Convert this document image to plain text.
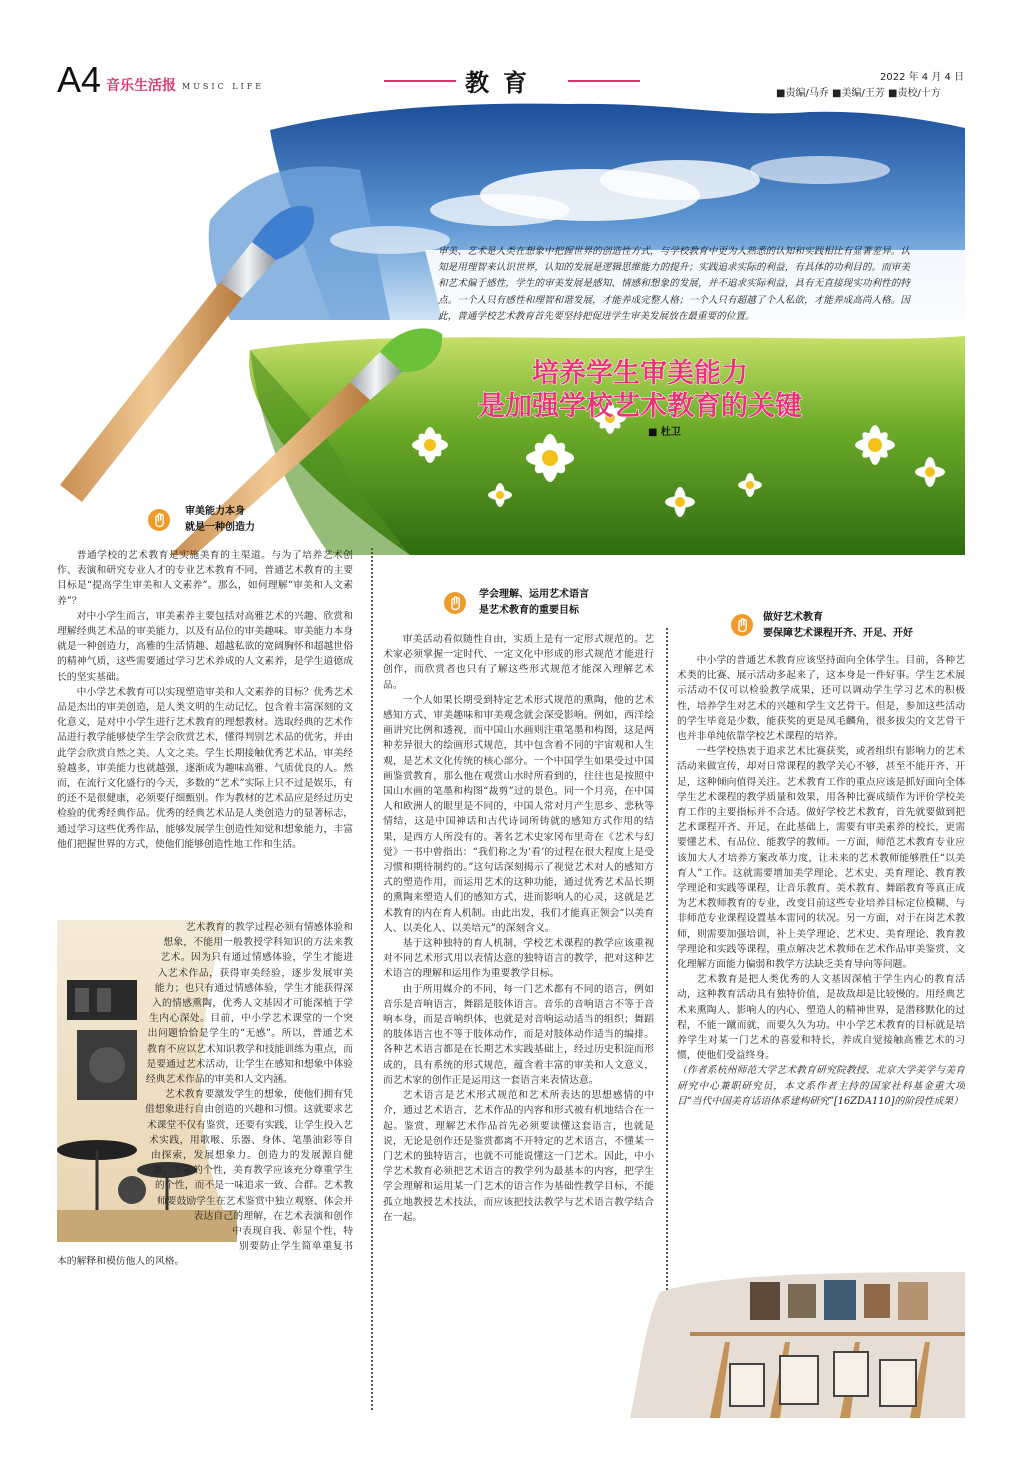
A4 音乐生活报 MUSIC LIFE	教育	2022 年 4 月 4 日
■责编/马乔 ■美编/王芳 ■责校/十方
审美、艺术是人类在想象中把握世界的创造性方式，与学校教育中更为人熟悉的认知和实践相比有显著差异。认知是用理智来认识世界，认知的发展是逻辑思维能力的提升；实践追求实际的利益，有具体的功利目的。而审美和艺术偏于感性，学生的审美发展是感知、情感和想象的发展，并不追求实际利益，具有无直接现实功利性的特点。一个人只有感性和理智和谐发展，才能养成完整人格；一个人只有超越了个人私欲，才能养成高尚人格。因此，普通学校艺术教育首先要坚持把促进学生审美发展放在最重要的位置。
培养学生审美能力
是加强学校艺术教育的关键
■ 杜卫
审美能力本身
就是一种创造力
学会理解、运用艺术语言
是艺术教育的重要目标
做好艺术教育
要保障艺术课程开齐、开足、开好

普通学校的艺术教育是实施美育的主渠道。与为了培养艺术创作、表演和研究专业人才的专业艺术教育不同，普通艺术教育的主要目标是“提高学生审美和人文素养”。那么，如何理解“审美和人文素养”？

对中小学生而言，审美素养主要包括对高雅艺术的兴趣、欣赏和理解经典艺术品的审美能力，以及有品位的审美趣味。审美能力本身就是一种创造力，高雅的生活情趣、超越私欲的宽阔胸怀和超越世俗的精神气质，这些需要通过学习艺术养成的人文素养，是学生道德成长的坚实基础。

中小学艺术教育可以实现塑造审美和人文素养的目标？优秀艺术品是杰出的审美创造，是人类文明的生动记忆，包含着丰富深刻的文化意义，是对中小学生进行艺术教育的理想教材。选取经典的艺术作品进行教学能够使学生学会欣赏艺术，懂得判别艺术品的优劣，并由此学会欣赏自然之美、人文之美。学生长期接触优秀艺术品，审美经验越多，审美能力也就越强，逐渐成为趣味高雅、气质优良的人。然而，在流行文化盛行的今天，多数的“艺术”实际上只不过是娱乐，有的还不是很健康，必须要仔细甄别。作为教材的艺术品应是经过历史检验的优秀经典作品。优秀的经典艺术品是人类创造力的显著标志，通过学习这些优秀作品，能够发展学生创造性知觉和想象能力，丰富他们把握世界的方式，使他们能够创造性地工作和生活。

艺术教育的教学过程必须有情感体验和想象，不能用一般教授学科知识的方法来教艺术。因为只有通过情感体验，学生才能进入艺术作品，获得审美经验，逐步发展审美能力；也只有通过情感体验，学生才能获得深入的情感熏陶，优秀人文基因才可能深植于学生内心深处。目前，中小学艺术课堂的一个突出问题恰恰是学生的“无感”。所以，普通艺术教育不应以艺术知识教学和技能训练为重点，而是要通过艺术活动，让学生在感知和想象中体验经典艺术作品的审美和人文内涵。

艺术教育要激发学生的想象，使他们拥有凭借想象进行自由创造的兴趣和习惯。这就要求艺术课堂不仅有鉴赏，还要有实践，让学生投入艺术实践，用歌喉、乐器、身体、笔墨油彩等自由探索，发展想象力。创造力的发展源自健康、丰富的个性，美育教学应该充分尊重学生的个性，而不是一味追求一致、合群。艺术教师要鼓励学生在艺术鉴赏中独立观察、体会并表达自己的理解，在艺术表演和创作中表现自我、彰显个性，特别要防止学生简单重复书本的解释和模仿他人的风格。

审美活动看似随性自由，实质上是有一定形式规范的。艺术家必须掌握一定时代、一定文化中形成的形式规范才能进行创作，而欣赏者也只有了解这些形式规范才能深入理解艺术品。

一个人如果长期受到特定艺术形式规范的熏陶，他的艺术感知方式、审美趣味和审美观念就会深受影响。例如，西洋绘画讲究比例和透视，而中国山水画则注重笔墨和构图，这是两种差异很大的绘画形式规范，其中包含着不同的宇宙观和人生观，是艺术文化传统的核心部分。一个中国学生如果受过中国画鉴赏教育，那么他在观赏山水时所看到的，往往也是按照中国山水画的笔墨和构图“裁剪”过的景色。同一个月亮，在中国人和欧洲人的眼里是不同的，中国人常对月产生思乡、悲秋等情结，这是中国神话和古代诗词所铸就的感知方式作用的结果，是西方人所没有的。著名艺术史家冈布里奇在《艺术与幻觉》一书中曾指出：“我们称之为‘看’的过程在很大程度上是受习惯和期待制约的。”这句话深刻揭示了视觉艺术对人的感知方式的塑造作用，而运用艺术的这种功能，通过优秀艺术品长期的熏陶来塑造人们的感知方式，进而影响人的心灵，这就是艺术教育的内在育人机制。由此出发，我们才能真正领会“以美育人、以美化人、以美培元”的深刻含义。

基于这种独特的育人机制，学校艺术课程的教学应该重视对不同艺术形式用以表情达意的独特语言的教学，把对这种艺术语言的理解和运用作为重要教学目标。

由于所用媒介的不同，每一门艺术都有不同的语言，例如音乐是音响语言，舞蹈是肢体语言。音乐的音响语言不等于音响本身，而是音响织体，也就是对音响运动适当的组织；舞蹈的肢体语言也不等于肢体动作，而是对肢体动作适当的编排。各种艺术语言都是在长期艺术实践基础上，经过历史积淀而形成的，具有系统的形式规范，蕴含着丰富的审美和人文意义，而艺术家的创作正是运用这一套语言来表情达意。

艺术语言是艺术形式规范和艺术所表达的思想感情的中介，通过艺术语言，艺术作品的内容和形式被有机地结合在一起。鉴赏、理解艺术作品首先必须要读懂这套语言，也就是说，无论是创作还是鉴赏都离不开特定的艺术语言，不懂某一门艺术的独特语言，也就不可能说懂这一门艺术。因此，中小学艺术教育必须把艺术语言的教学列为最基本的内容，把学生学会理解和运用某一门艺术的语言作为基础性教学目标，不能孤立地教授艺术技法，而应该把技法教学与艺术语言教学结合在一起。

中小学的普通艺术教育应该坚持面向全体学生。目前，各种艺术类的比赛、展示活动多起来了，这本身是一件好事。学生艺术展示活动不仅可以检验教学成果，还可以调动学生学习艺术的积极性，培养学生对艺术的兴趣和学生文艺骨干。但是，参加这些活动的学生毕竟是少数，能获奖的更是凤毛麟角，很多拔尖的文艺骨干也并非单纯依靠学校艺术课程的培养。

一些学校热衷于追求艺术比赛获奖，或者组织有影响力的艺术活动来做宣传，却对日常课程的教学关心不够，甚至不能开齐、开足，这种倾向值得关注。艺术教育工作的重点应该是抓好面向全体学生艺术课程的教学质量和效果，用各种比赛成绩作为评价学校美育工作的主要指标并不合适。做好学校艺术教育，首先就要做到把艺术课程开齐、开足，在此基础上，需要有审美素养的校长，更需要懂艺术、有品位、能教学的教师。一方面，师范艺术教育专业应该加大人才培养方案改革力度，让未来的艺术教师能够胜任“以美育人”工作。这就需要增加美学理论、艺术史、美育理论、教育教学理论和实践等课程，让音乐教育、美术教育、舞蹈教育等真正成为艺术教师教育的专业，改变目前这些专业培养目标定位模糊、与非师范专业课程设置基本雷同的状况。另一方面，对于在岗艺术教师，则需要加强培训，补上美学理论、艺术史、美育理论、教育教学理论和实践等课程，重点解决艺术教师在艺术作品审美鉴赏、文化理解方面能力偏弱和教学方法缺乏美育导向等问题。

艺术教育是把人类优秀的人文基因深植于学生内心的教育活动，这种教育活动具有独特价值，是故敌却是比较慢的。用经典艺术来熏陶人、影响人的内心、塑造人的精神世界，是潜移默化的过程，不能一蹴而就，而要久久为功。中小学艺术教育的目标就是培养学生对某一门艺术的喜爱和特长，养成自觉接触高雅艺术的习惯，使他们受益终身。

（作者系杭州师范大学艺术教育研究院教授、北京大学美学与美育研究中心兼职研究员，本文系作者主持的国家社科基金重大项目“当代中国美育话语体系建构研究”[16ZDA110]的阶段性成果）
